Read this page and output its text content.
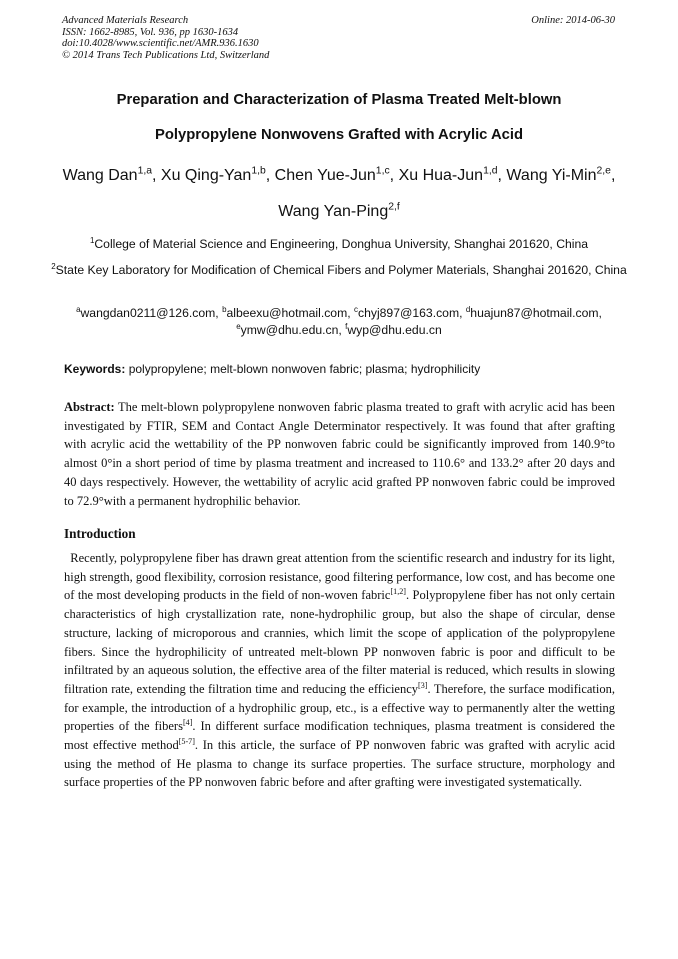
Advanced Materials Research
ISSN: 1662-8985, Vol. 936, pp 1630-1634
doi:10.4028/www.scientific.net/AMR.936.1630
© 2014 Trans Tech Publications Ltd, Switzerland
Online: 2014-06-30
Preparation and Characterization of Plasma Treated Melt-blown
Polypropylene Nonwovens Grafted with Acrylic Acid
Wang Dan$^{1,a}$, Xu Qing-Yan$^{1,b}$, Chen Yue-Jun$^{1,c}$, Xu Hua-Jun$^{1,d}$, Wang Yi-Min$^{2,e}$,
Wang Yan-Ping$^{2,f}$
$^1$College of Material Science and Engineering, Donghua University, Shanghai 201620, China
$^2$State Key Laboratory for Modification of Chemical Fibers and Polymer Materials, Shanghai 201620, China
$^a$wangdan0211@126.com, $^b$albeexu@hotmail.com, $^c$chyj897@163.com, $^d$huajun87@hotmail.com,
$^e$ymw@dhu.edu.cn, $^f$wyp@dhu.edu.cn
Keywords: polypropylene; melt-blown nonwoven fabric; plasma; hydrophilicity

Abstract: The melt-blown polypropylene nonwoven fabric plasma treated to graft with acrylic acid has been investigated by FTIR, SEM and Contact Angle Determinator respectively. It was found that after grafting with acrylic acid the wettability of the PP nonwoven fabric could be significantly improved from 140.9°to almost 0°in a short period of time by plasma treatment and increased to 110.6° and 133.2° after 20 days and 40 days respectively. However, the wettability of acrylic acid grafted PP nonwoven fabric could be improved to 72.9°with a permanent hydrophilic behavior.

Introduction

Recently, polypropylene fiber has drawn great attention from the scientific research and industry for its light, high strength, good flexibility, corrosion resistance, good filtering performance, low cost, and has become one of the most developing products in the field of non-woven fabric[1,2]. Polypropylene fiber has not only certain characteristics of high crystallization rate, none-hydrophilic group, but also the shape of circular, dense structure, lacking of microporous and crannies, which limit the scope of application of the polypropylene fibers. Since the hydrophilicity of untreated melt-blown PP nonwoven fabric is poor and difficult to be infiltrated by an aqueous solution, the effective area of the filter material is reduced, which results in slowing filtration rate, extending the filtration time and reducing the efficiency[3]. Therefore, the surface modification, for example, the introduction of a hydrophilic group, etc., is a effective way to permanently alter the wetting properties of the fibers[4]. In different surface modification techniques, plasma treatment is considered the most effective method[5-7]. In this article, the surface of PP nonwoven fabric was grafted with acrylic acid using the method of He plasma to change its surface properties. The surface structure, morphology and surface properties of the PP nonwoven fabric before and after grafting were investigated systematically.
